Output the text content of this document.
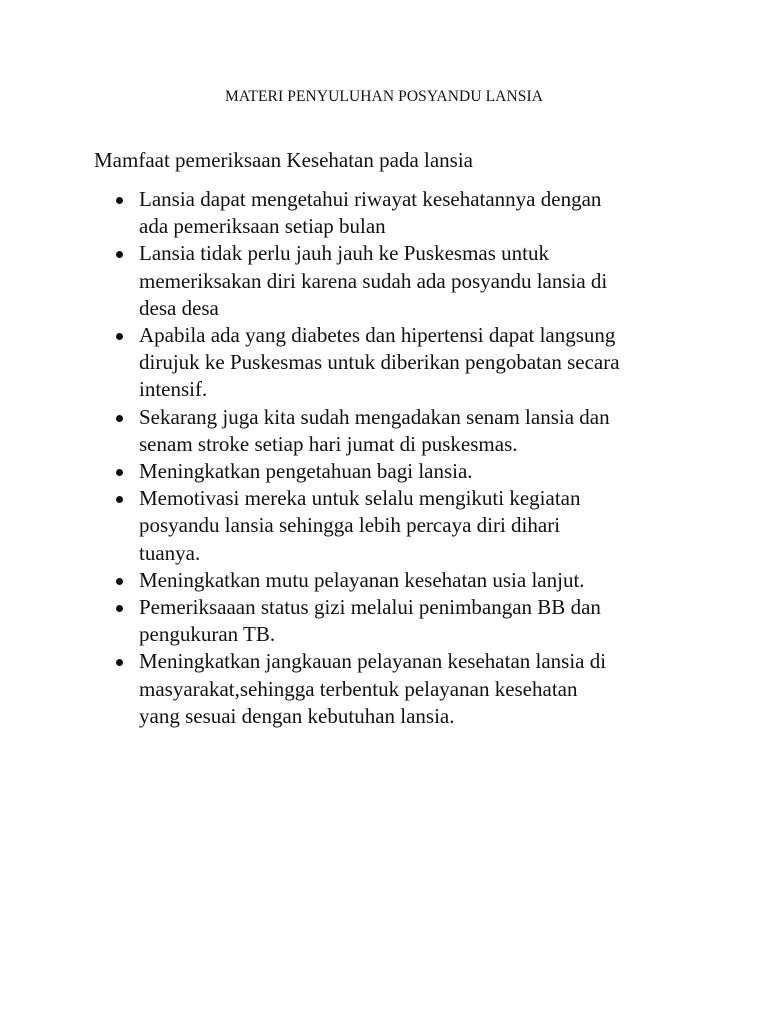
MATERI PENYULUHAN POSYANDU LANSIA

Mamfaat pemeriksaan Kesehatan pada lansia

Lansia dapat mengetahui riwayat kesehatannya dengan
ada pemeriksaan setiap bulan
Lansia tidak perlu jauh jauh ke Puskesmas untuk
memeriksakan diri karena sudah ada posyandu lansia di
desa desa
Apabila ada yang diabetes dan hipertensi dapat langsung
dirujuk ke Puskesmas untuk diberikan pengobatan secara
intensif.
Sekarang juga kita sudah mengadakan senam lansia dan
senam stroke setiap hari jumat di puskesmas.
Meningkatkan pengetahuan bagi lansia.
Memotivasi mereka untuk selalu mengikuti kegiatan
posyandu lansia sehingga lebih percaya diri dihari
tuanya.
Meningkatkan mutu pelayanan kesehatan usia lanjut.
Pemeriksaaan status gizi melalui penimbangan BB dan
pengukuran TB.
Meningkatkan jangkauan pelayanan kesehatan lansia di
masyarakat,sehingga terbentuk pelayanan kesehatan
yang sesuai dengan kebutuhan lansia.
